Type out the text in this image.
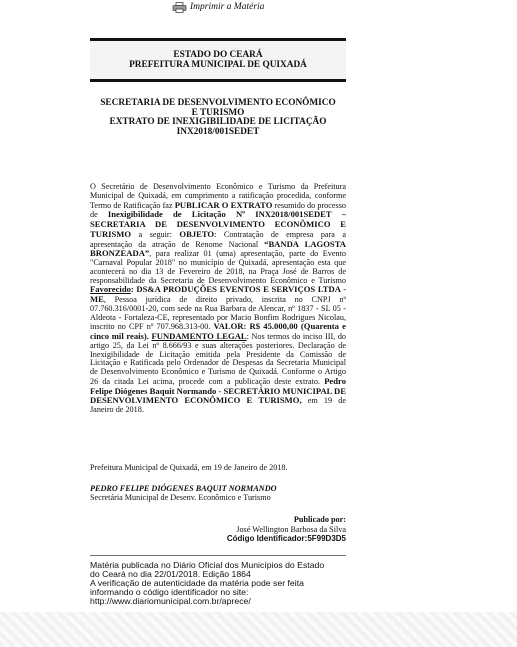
Imprimir a Matéria
ESTADO DO CEARÁ
PREFEITURA MUNICIPAL DE QUIXADÁ
SECRETARIA DE DESENVOLVIMENTO ECONÔMICO
E TURISMO
EXTRATO DE INEXIGIBILIDADE DE LICITAÇÃO
INX2018/001SEDET
O Secretário de Desenvolvimento Econômico e Turismo da Prefeitura Municipal de Quixadá, em cumprimento a ratificação procedida, conforme Termo de Ratificação faz PUBLICAR O EXTRATO resumido do processo de Inexigibilidade de Licitação Nº INX2018/001SEDET – SECRETARIA DE DESENVOLVIMENTO ECONÔMICO E TURISMO a seguir: OBJETO: Contratação de empresa para a apresentação da atração de Renome Nacional “BANDA LAGOSTA BRONZEADA”, para realizar 01 (uma) apresentação, parte do Evento "Carnaval Popular 2018" no município de Quixadá, apresentação esta que acontecerá no dia 13 de Fevereiro de 2018, na Praça José de Barros de responsabilidade da Secretaria de Desenvolvimento Econômico e Turismo Favorecido: DS&A PRODUÇÕES EVENTOS E SERVIÇOS LTDA - ME, Pessoa jurídica de direito privado, inscrita no CNPJ nº 07.760.316/0001-20, com sede na Rua Barbara de Alencar, nº 1837 - SL 05 - Aldeota - Fortaleza-CE, representado por Macio Bonfim Rodrigues Nicolau, inscrito no CPF nº 707.968.313-00. VALOR: R$ 45.000,00 (Quarenta e cinco mil reais). FUNDAMENTO LEGAL: Nos termos do inciso III, do artigo 25, da Lei nº 8.666/93 e suas alterações posteriores. Declaração de Inexigibilidade de Licitação emitida pela Presidente da Comissão de Licitação e Ratificada pelo Ordenador de Despesas da Secretaria Municipal de Desenvolvimento Econômico e Turismo de Quixadá. Conforme o Artigo 26 da citada Lei acima, procede com a publicação deste extrato. Pedro Felipe Diógenes Baquit Normando - SECRETÁRIO MUNICIPAL DE DESENVOLVIMENTO ECONÔMICO E TURISMO, em 19 de Janeiro de 2018.
Prefeitura Municipal de Quixadá, em 19 de Janeiro de 2018.
PEDRO FELIPE DIÓGENES BAQUIT NORMANDO
Secretária Municipal de Desenv. Econômico e Turismo
Publicado por:
José Wellington Barbosa da Silva
Código Identificador:5F99D3D5
Matéria publicada no Diário Oficial dos Municípios do Estado
do Ceará no dia 22/01/2018. Edição 1864
A verificação de autenticidade da matéria pode ser feita
informando o código identificador no site:
http://www.diariomunicipal.com.br/aprece/
